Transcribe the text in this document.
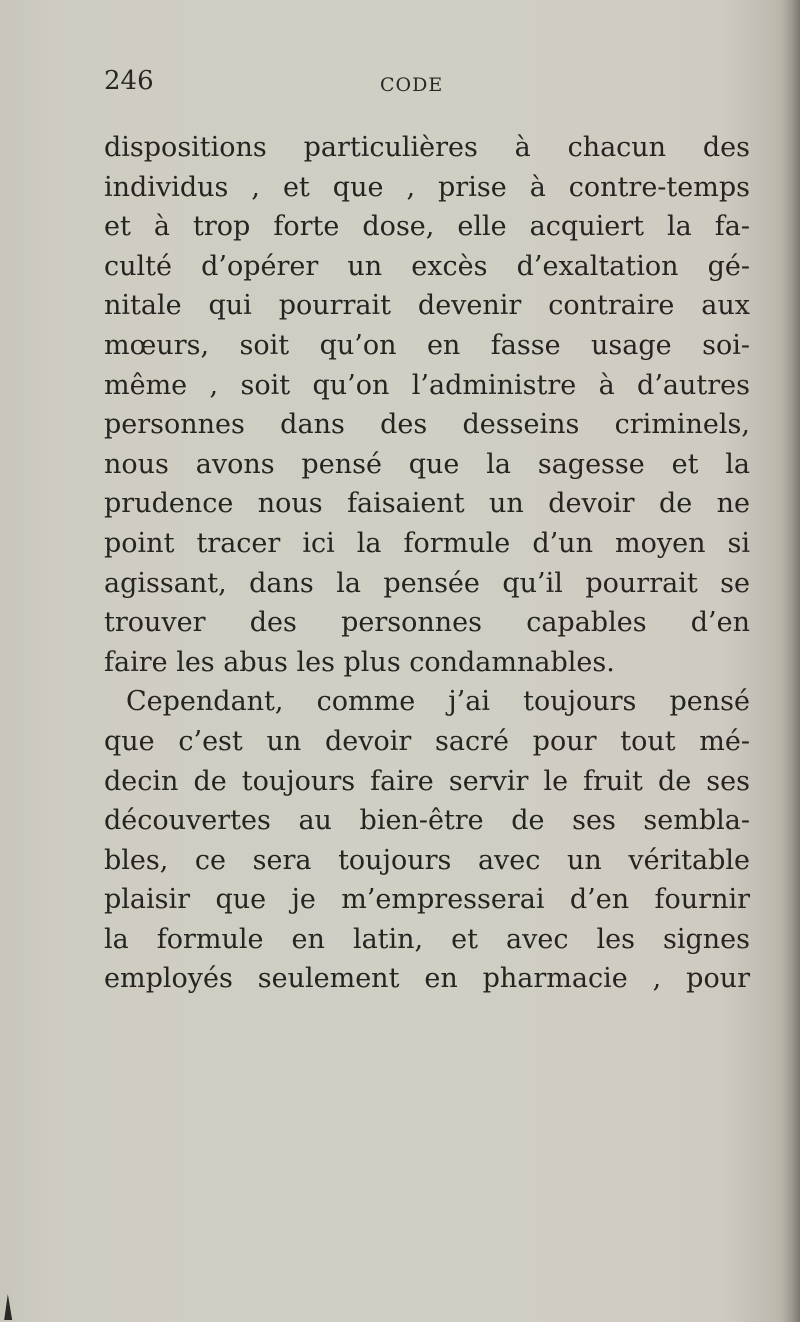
246	CODE
dispositions particulières à chacun des
individus , et que , prise à contre-temps
et à trop forte dose, elle acquiert la fa-
culté d’opérer un excès d’exaltation gé-
nitale qui pourrait devenir contraire aux
mœurs, soit qu’on en fasse usage soi-
même , soit qu’on l’administre à d’autres
personnes dans des desseins criminels,
nous avons pensé que la sagesse et la
prudence nous faisaient un devoir de ne
point tracer ici la formule d’un moyen si
agissant, dans la pensée qu’il pourrait se
trouver des personnes capables d’en
faire les abus les plus condamnables.
Cependant, comme j’ai toujours pensé
que c’est un devoir sacré pour tout mé-
decin de toujours faire servir le fruit de ses
découvertes au bien-être de ses sembla-
bles, ce sera toujours avec un véritable
plaisir que je m’empresserai d’en fournir
la formule en latin, et avec les signes
employés seulement en pharmacie , pour
